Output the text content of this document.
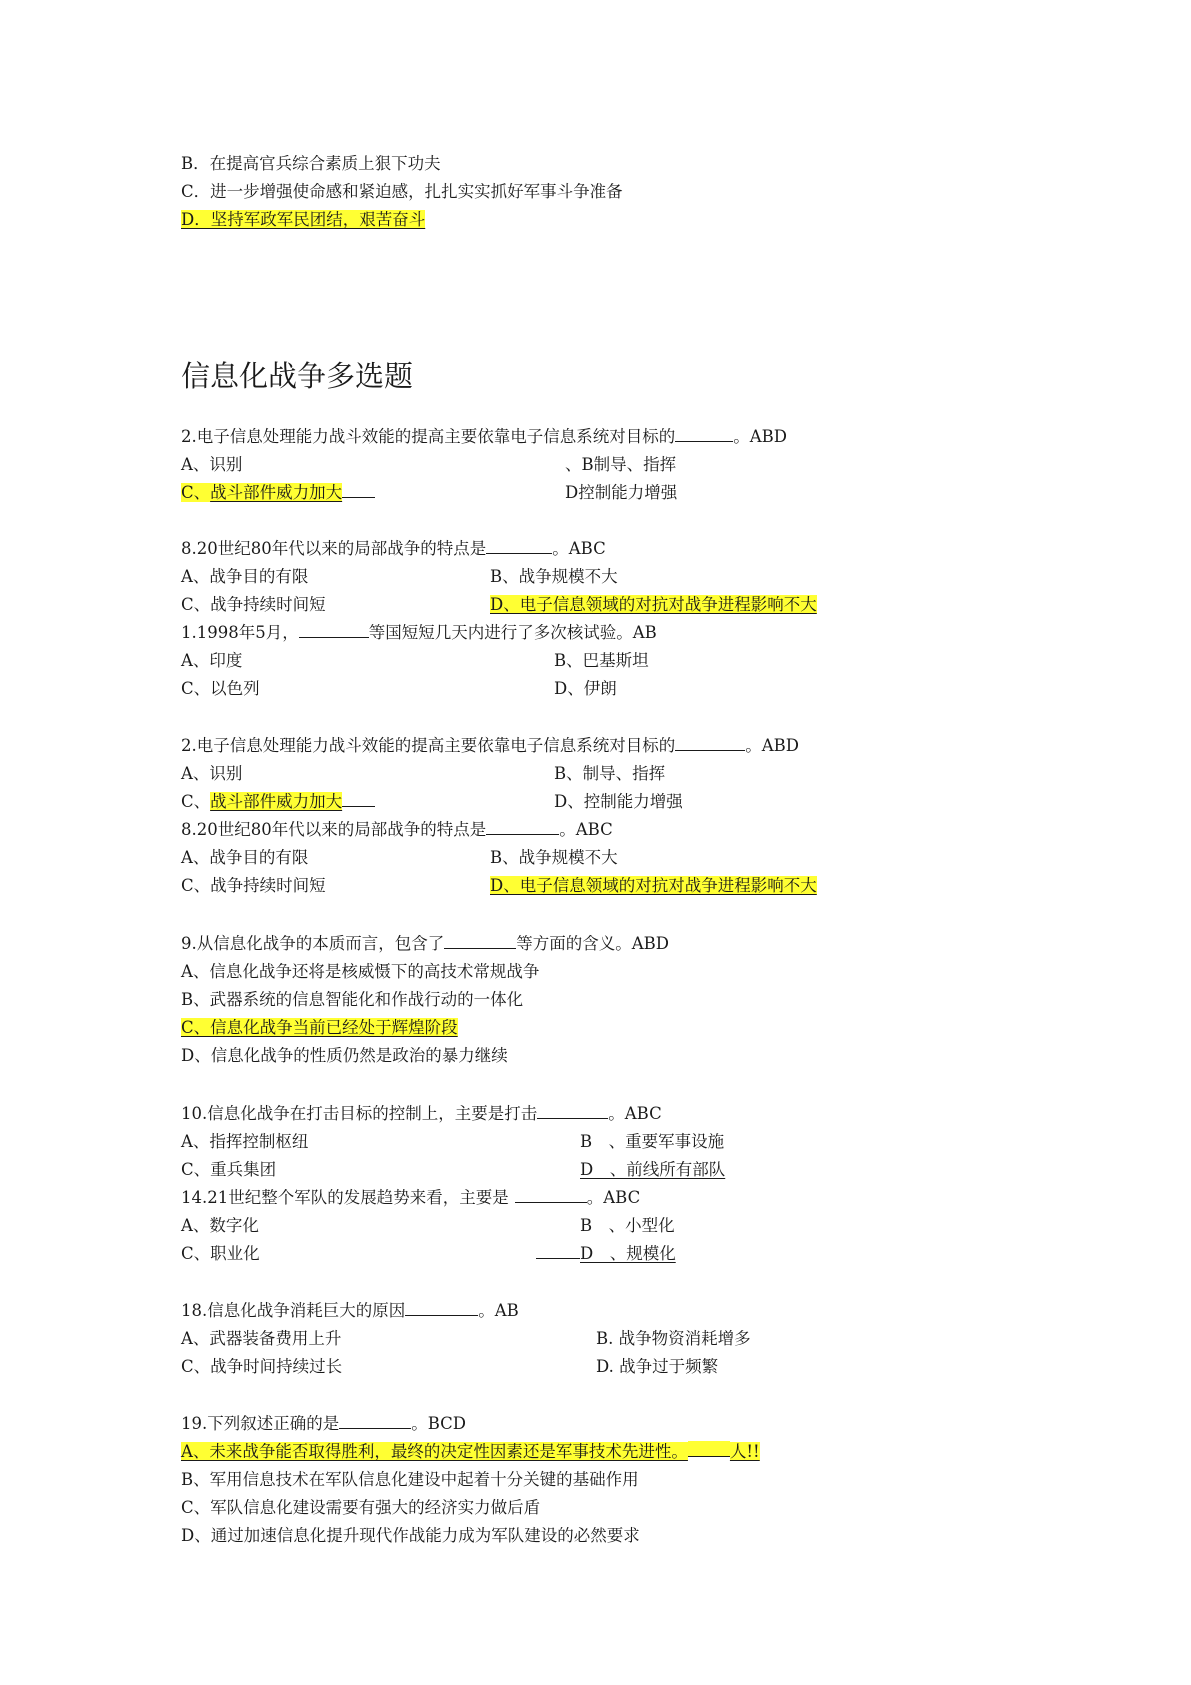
B．在提高官兵综合素质上狠下功夫
C．进一步增强使命感和紧迫感，扎扎实实抓好军事斗争准备
D．坚持军政军民团结，艰苦奋斗
信息化战争多选题
2.电子信息处理能力战斗效能的提高主要依靠电子信息系统对目标的	。ABD
A、识别	、B制导、指挥
C、战斗部件威力加大	D控制能力增强
8.20世纪80年代以来的局部战争的特点是	。ABC
A、战争目的有限	B、战争规模不大
C、战争持续时间短	D、电子信息领域的对抗对战争进程影响不大
1.1998年5月，	等国短短几天内进行了多次核试验。AB
A、印度	B、巴基斯坦
C、以色列	D、伊朗
2.电子信息处理能力战斗效能的提高主要依靠电子信息系统对目标的	。ABD
A、识别	B、制导、指挥
C、战斗部件威力加大	D、控制能力增强
8.20世纪80年代以来的局部战争的特点是	。ABC
A、战争目的有限	B、战争规模不大
C、战争持续时间短	D、电子信息领域的对抗对战争进程影响不大
9.从信息化战争的本质而言，包含了	等方面的含义。ABD
A、信息化战争还将是核威慑下的高技术常规战争
B、武器系统的信息智能化和作战行动的一体化
C、信息化战争当前已经处于辉煌阶段
D、信息化战争的性质仍然是政治的暴力继续
10.信息化战争在打击目标的控制上，主要是打击	。ABC
A、指挥控制枢纽	B　、重要军事设施
C、重兵集团	D　、前线所有部队
14.21世纪整个军队的发展趋势来看，主要是	。ABC
A、数字化	B　、小型化
C、职业化	D　、规模化
18.信息化战争消耗巨大的原因	。AB
A、武器装备费用上升	B. 战争物资消耗增多
C、战争时间持续过长	D. 战争过于频繁
19.下列叙述正确的是	。BCD
A、未来战争能否取得胜利，最终的决定性因素还是军事技术先进性。	人!!
B、军用信息技术在军队信息化建设中起着十分关键的基础作用
C、军队信息化建设需要有强大的经济实力做后盾
D、通过加速信息化提升现代作战能力成为军队建设的必然要求
